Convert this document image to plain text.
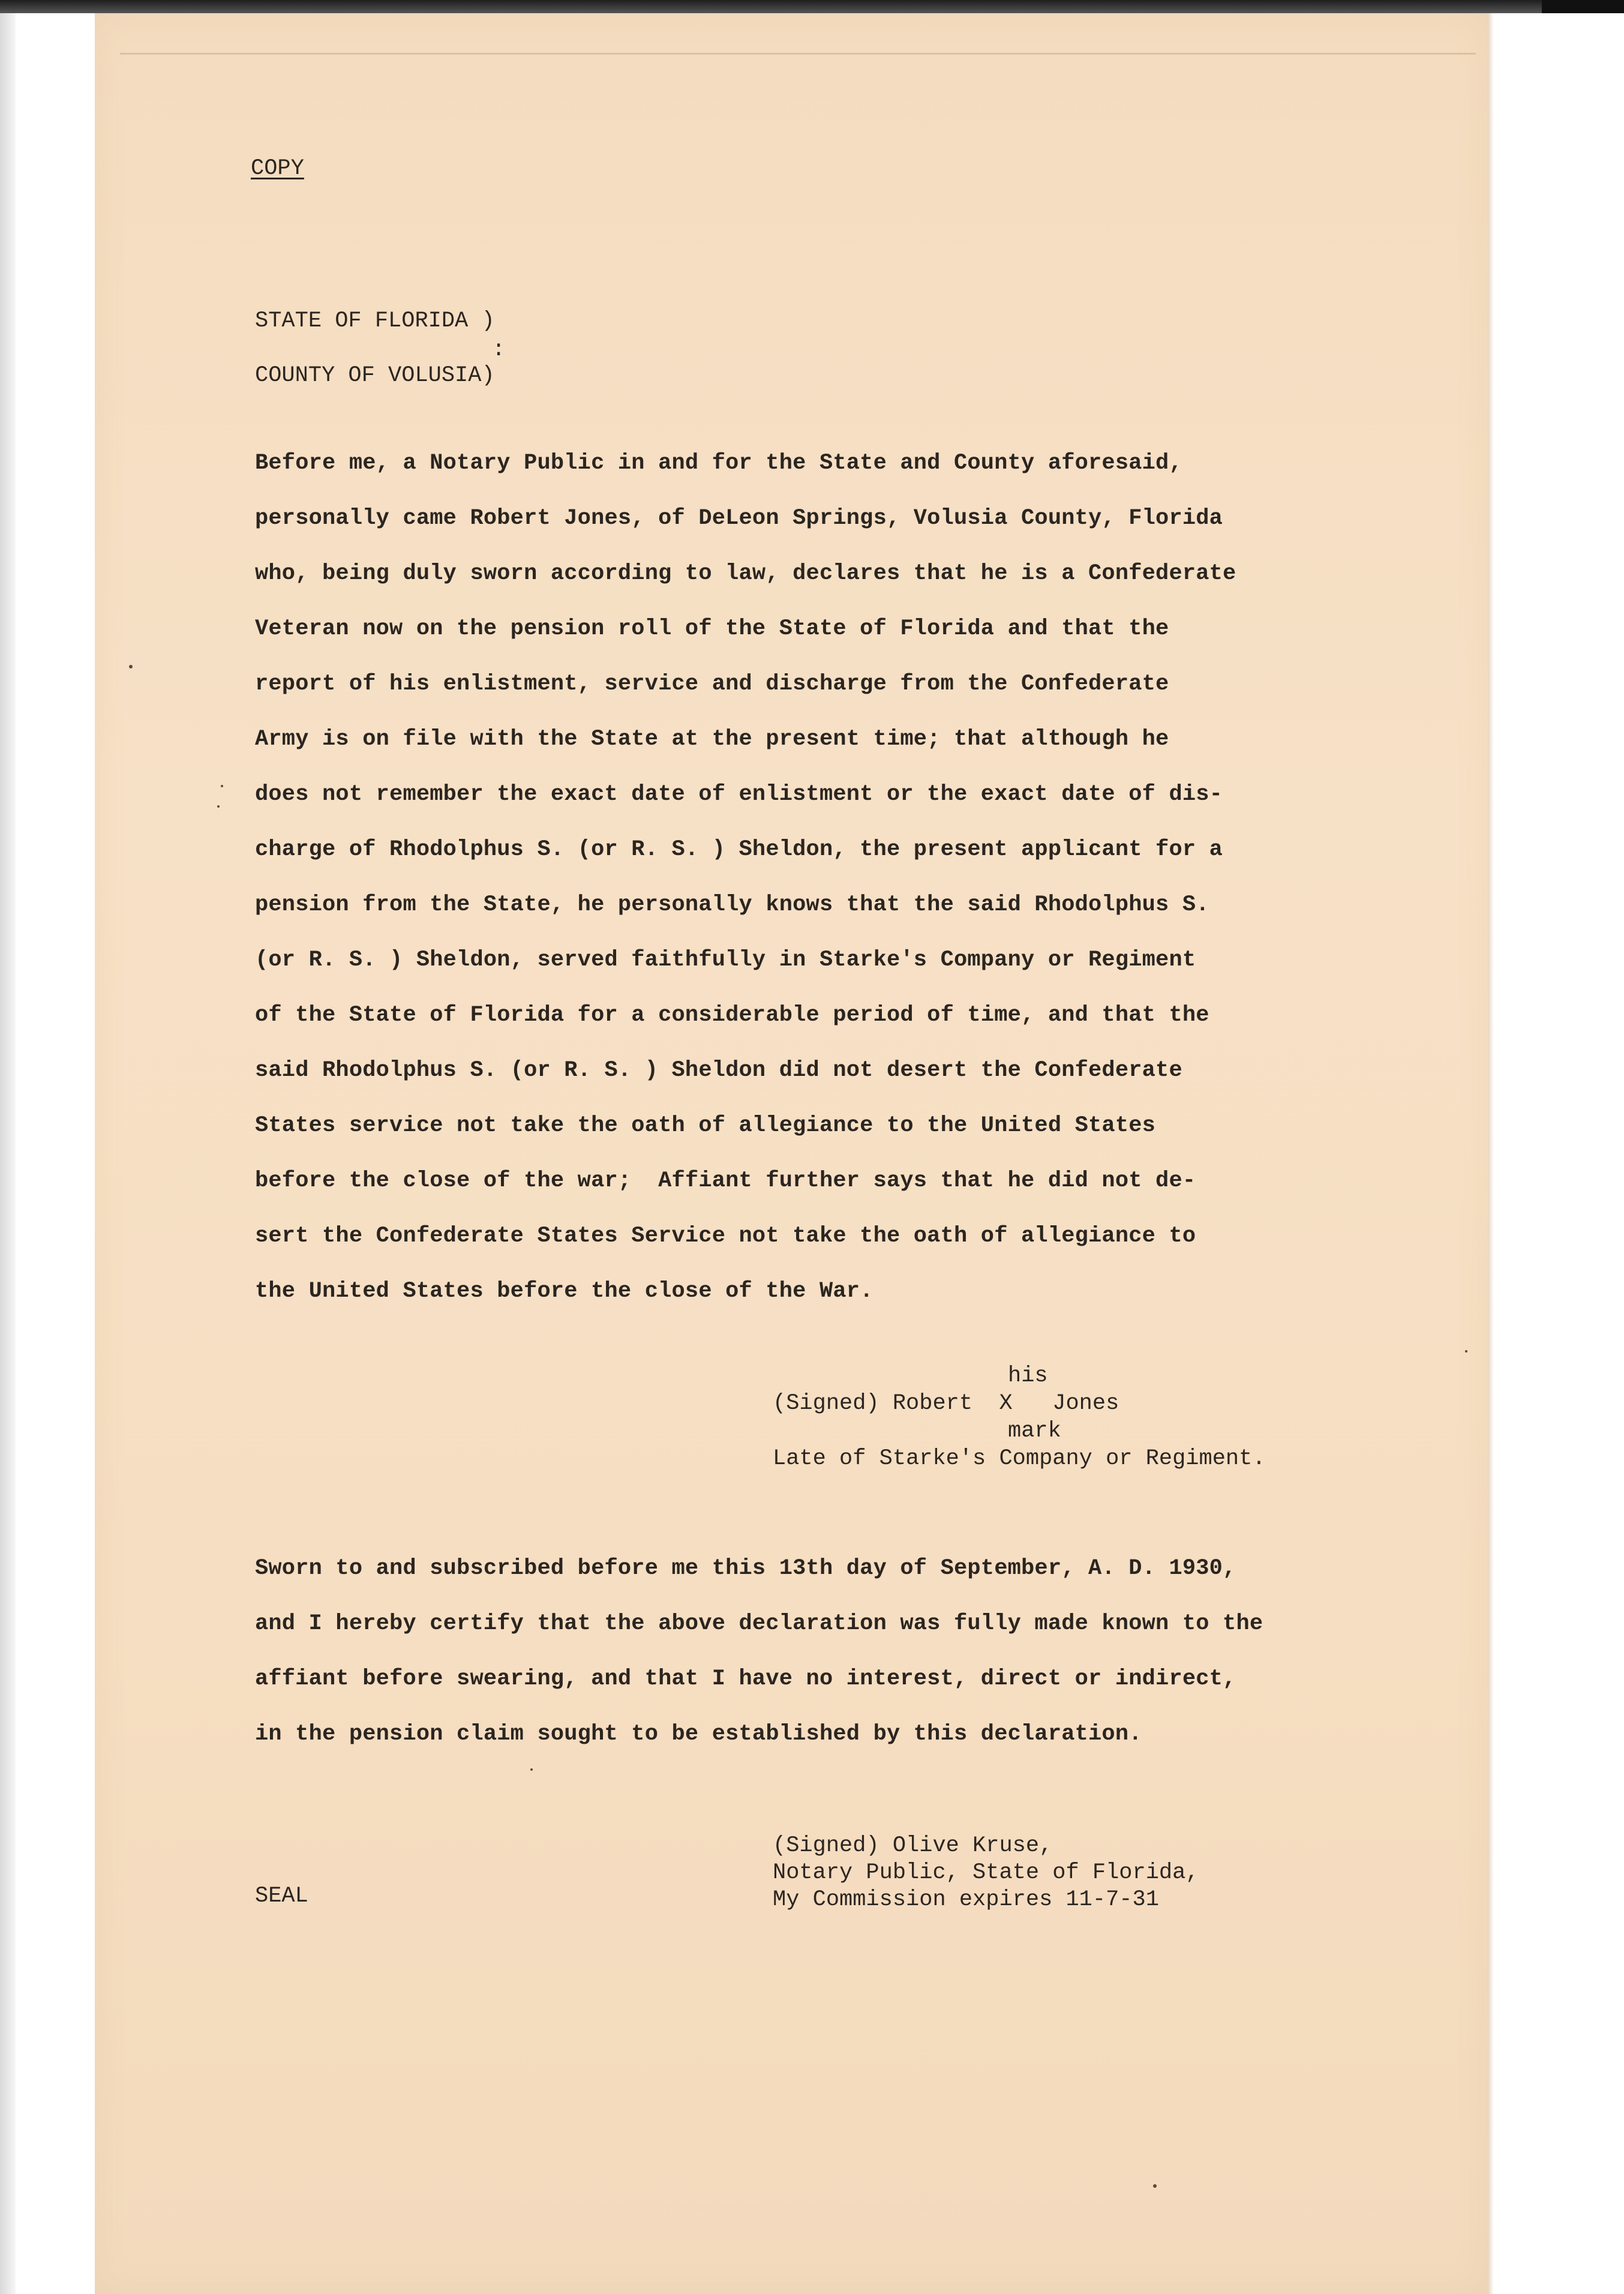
COPY

STATE OF FLORIDA )

:

COUNTY OF VOLUSIA)

Before me, a Notary Public in and for the State and County aforesaid,

personally came Robert Jones, of DeLeon Springs, Volusia County, Florida

who, being duly sworn according to law, declares that he is a Confederate

Veteran now on the pension roll of the State of Florida and that the

report of his enlistment, service and discharge from the Confederate

Army is on file with the State at the present time; that although he

does not remember the exact date of enlistment or the exact date of dis-

charge of Rhodolphus S. (or R. S. ) Sheldon, the present applicant for a

pension from the State, he personally knows that the said Rhodolphus S.

(or R. S. ) Sheldon, served faithfully in Starke's Company or Regiment

of the State of Florida for a considerable period of time, and that the

said Rhodolphus S. (or R. S. ) Sheldon did not desert the Confederate

States service not take the oath of allegiance to the United States

before the close of the war;  Affiant further says that he did not de-

sert the Confederate States Service not take the oath of allegiance to

the United States before the close of the War.

his

(Signed) Robert  X   Jones

mark

Late of Starke's Company or Regiment.

Sworn to and subscribed before me this 13th day of September, A. D. 1930,

and I hereby certify that the above declaration was fully made known to the

affiant before swearing, and that I have no interest, direct or indirect,

in the pension claim sought to be established by this declaration.

(Signed) Olive Kruse,

Notary Public, State of Florida,

My Commission expires 11-7-31

SEAL
